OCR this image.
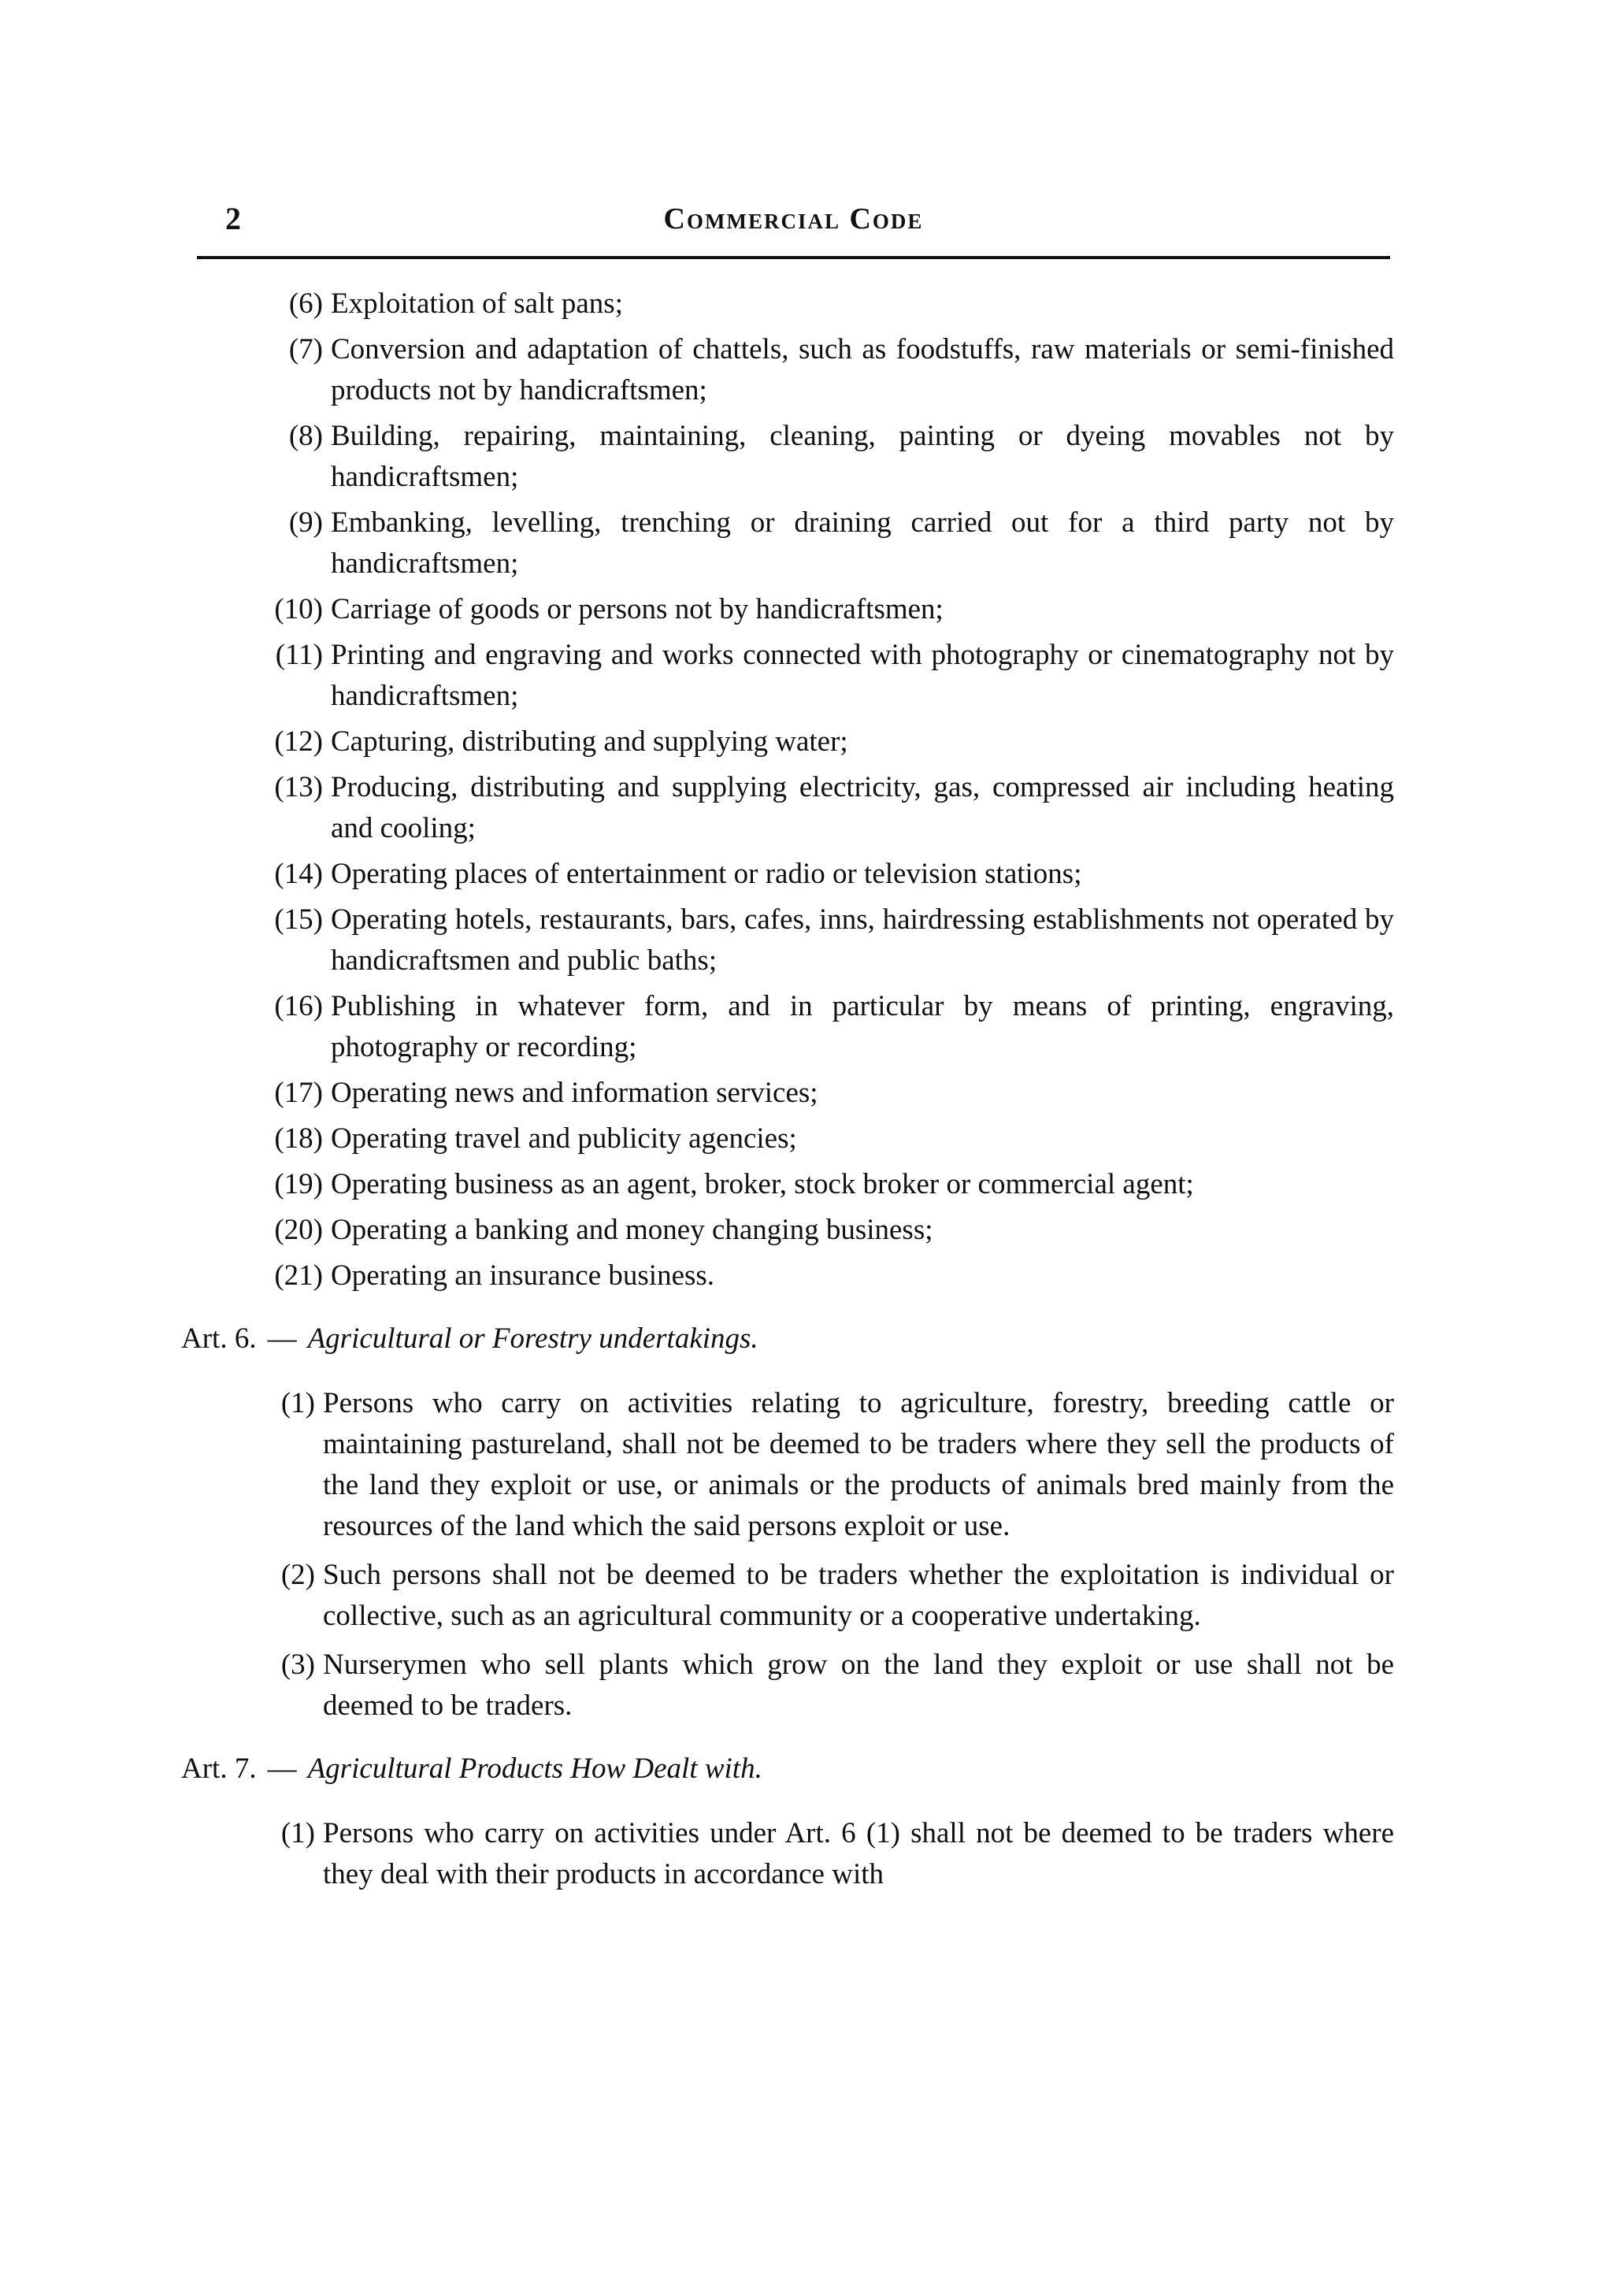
2	Commercial Code
(6) Exploitation of salt pans;
(7) Conversion and adaptation of chattels, such as foodstuffs, raw materials or semi-finished products not by handicraftsmen;
(8) Building, repairing, maintaining, cleaning, painting or dyeing movables not by handicraftsmen;
(9) Embanking, levelling, trenching or draining carried out for a third party not by handicraftsmen;
(10) Carriage of goods or persons not by handicraftsmen;
(11) Printing and engraving and works connected with photography or cinematography not by handicraftsmen;
(12) Capturing, distributing and supplying water;
(13) Producing, distributing and supplying electricity, gas, compressed air including heating and cooling;
(14) Operating places of entertainment or radio or television stations;
(15) Operating hotels, restaurants, bars, cafes, inns, hairdressing establishments not operated by handicraftsmen and public baths;
(16) Publishing in whatever form, and in particular by means of printing, engraving, photography or recording;
(17) Operating news and information services;
(18) Operating travel and publicity agencies;
(19) Operating business as an agent, broker, stock broker or commercial agent;
(20) Operating a banking and money changing business;
(21) Operating an insurance business.
Art. 6. — Agricultural or Forestry undertakings.
(1) Persons who carry on activities relating to agriculture, forestry, breeding cattle or maintaining pastureland, shall not be deemed to be traders where they sell the products of the land they exploit or use, or animals or the products of animals bred mainly from the resources of the land which the said persons exploit or use.
(2) Such persons shall not be deemed to be traders whether the exploitation is individual or collective, such as an agricultural community or a cooperative undertaking.
(3) Nurserymen who sell plants which grow on the land they exploit or use shall not be deemed to be traders.
Art. 7. — Agricultural Products How Dealt with.
(1) Persons who carry on activities under Art. 6 (1) shall not be deemed to be traders where they deal with their products in accordance with
